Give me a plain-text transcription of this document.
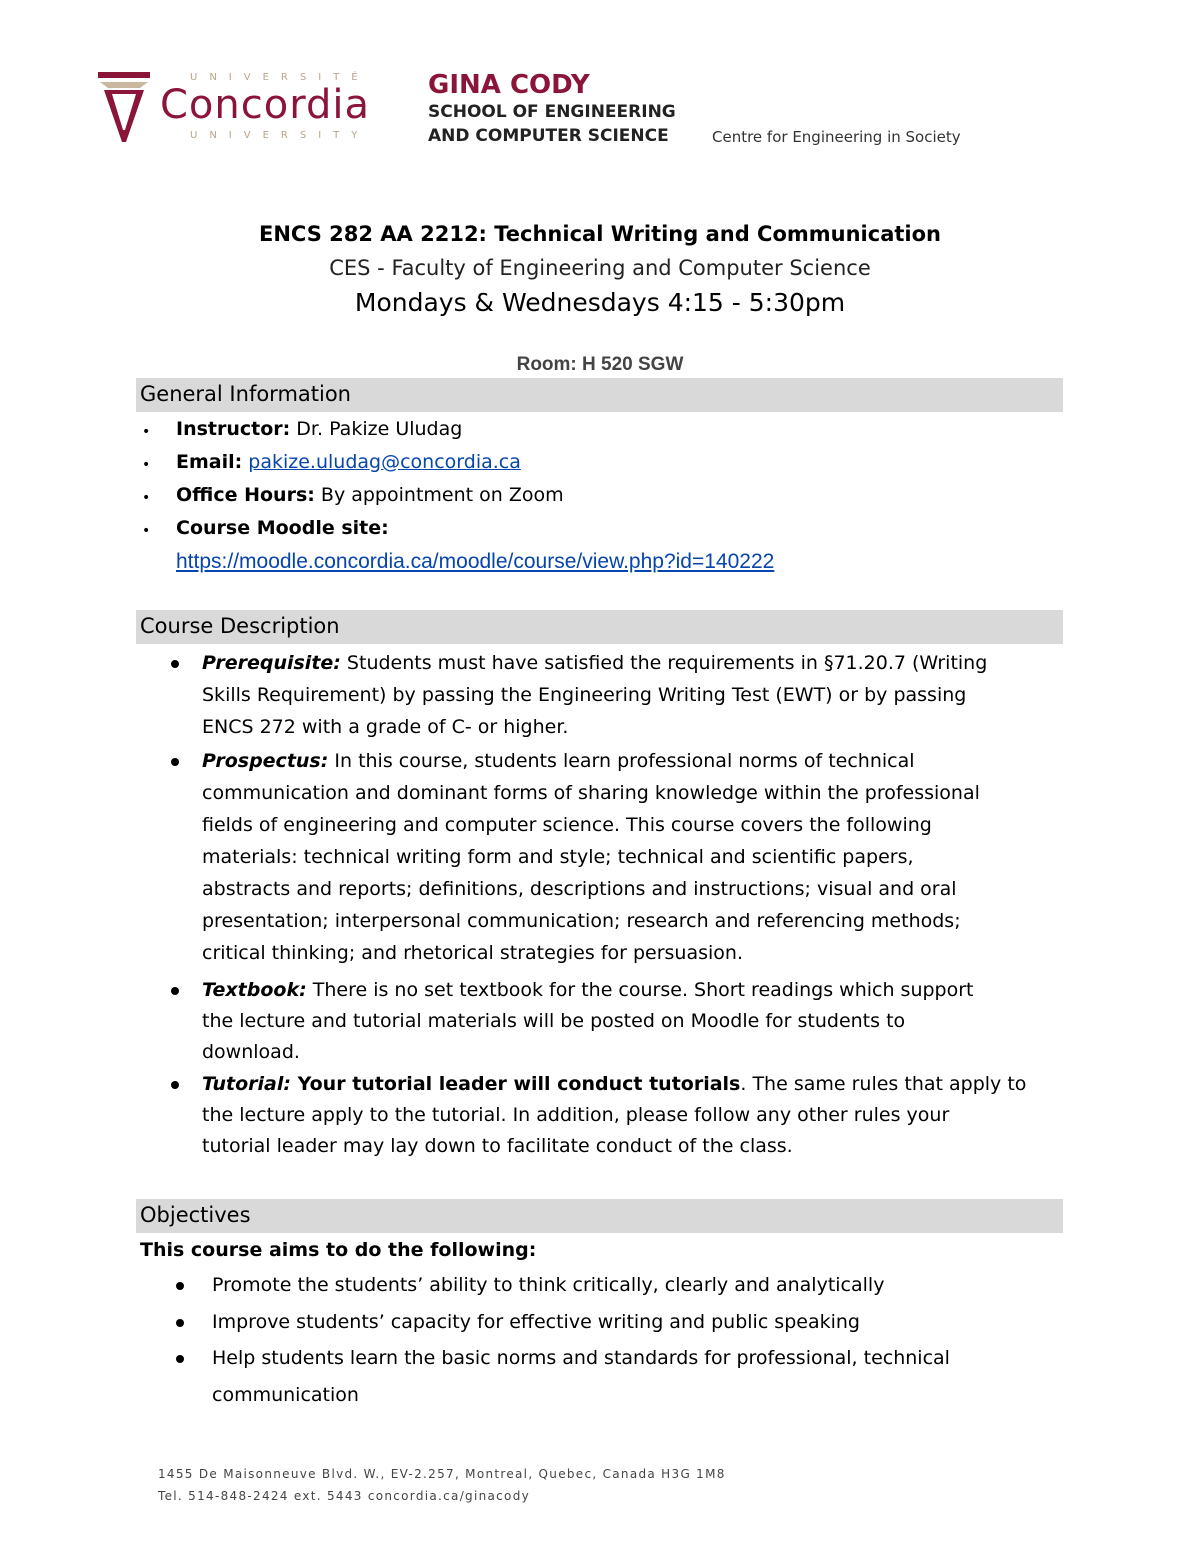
UNIVERSITÉ
Concordia
UNIVERSITY
GINA CODY
SCHOOL OF ENGINEERING
AND COMPUTER SCIENCE	Centre for Engineering in Society
ENCS 282 AA 2212: Technical Writing and Communication
CES - Faculty of Engineering and Computer Science
Mondays & Wednesdays 4:15 - 5:30pm
Room: H 520 SGW
General Information
• Instructor: Dr. Pakize Uludag
• Email: pakize.uludag@concordia.ca
• Office Hours: By appointment on Zoom
• Course Moodle site:
https://moodle.concordia.ca/moodle/course/view.php?id=140222
Course Description
Prerequisite: Students must have satisfied the requirements in §71.20.7 (Writing
Skills Requirement) by passing the Engineering Writing Test (EWT) or by passing
ENCS 272 with a grade of C- or higher.
Prospectus: In this course, students learn professional norms of technical
communication and dominant forms of sharing knowledge within the professional
fields of engineering and computer science. This course covers the following
materials: technical writing form and style; technical and scientific papers,
abstracts and reports; definitions, descriptions and instructions; visual and oral
presentation; interpersonal communication; research and referencing methods;
critical thinking; and rhetorical strategies for persuasion.
Textbook: There is no set textbook for the course. Short readings which support
the lecture and tutorial materials will be posted on Moodle for students to
download.
Tutorial: Your tutorial leader will conduct tutorials. The same rules that apply to
the lecture apply to the tutorial. In addition, please follow any other rules your
tutorial leader may lay down to facilitate conduct of the class.
Objectives
This course aims to do the following:
Promote the students’ ability to think critically, clearly and analytically
Improve students’ capacity for effective writing and public speaking
Help students learn the basic norms and standards for professional, technical
communication
1455 De Maisonneuve Blvd. W., EV-2.257, Montreal, Quebec, Canada H3G 1M8
Tel. 514-848-2424 ext. 5443 concordia.ca/ginacody
